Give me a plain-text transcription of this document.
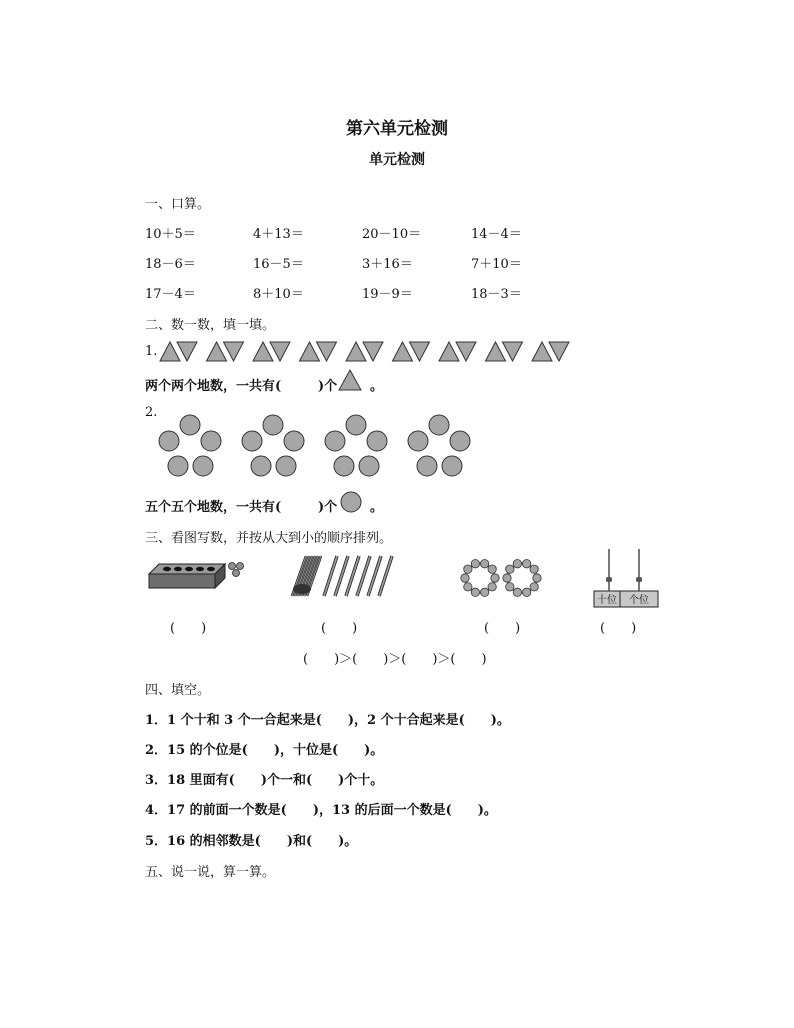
第六单元检测
单元检测
一、口算。
10＋5＝	4＋13＝	20－10＝	14－4＝
18－6＝	16－5＝	3＋16＝	7＋10＝
17－4＝	8＋10＝	19－9＝	18－3＝
二、数一数，填一填。
1.
两个两个地数，一共有(	)个	。
2.
五个五个地数，一共有(	)个	。
三、看图写数，并按从大到小的顺序排列。
十位 个位
(　　)	(　　)	(　　)	(　　)
(　　)＞(　　)＞(　　)＞(　　)
四、填空。
1．1 个十和 3 个一合起来是(　　)，2 个十合起来是(　　)。
2．15 的个位是(　　)，十位是(　　)。
3．18 里面有(　　)个一和(　　)个十。
4．17 的前面一个数是(　　)，13 的后面一个数是(　　)。
5．16 的相邻数是(　　)和(　　)。
五、说一说，算一算。
